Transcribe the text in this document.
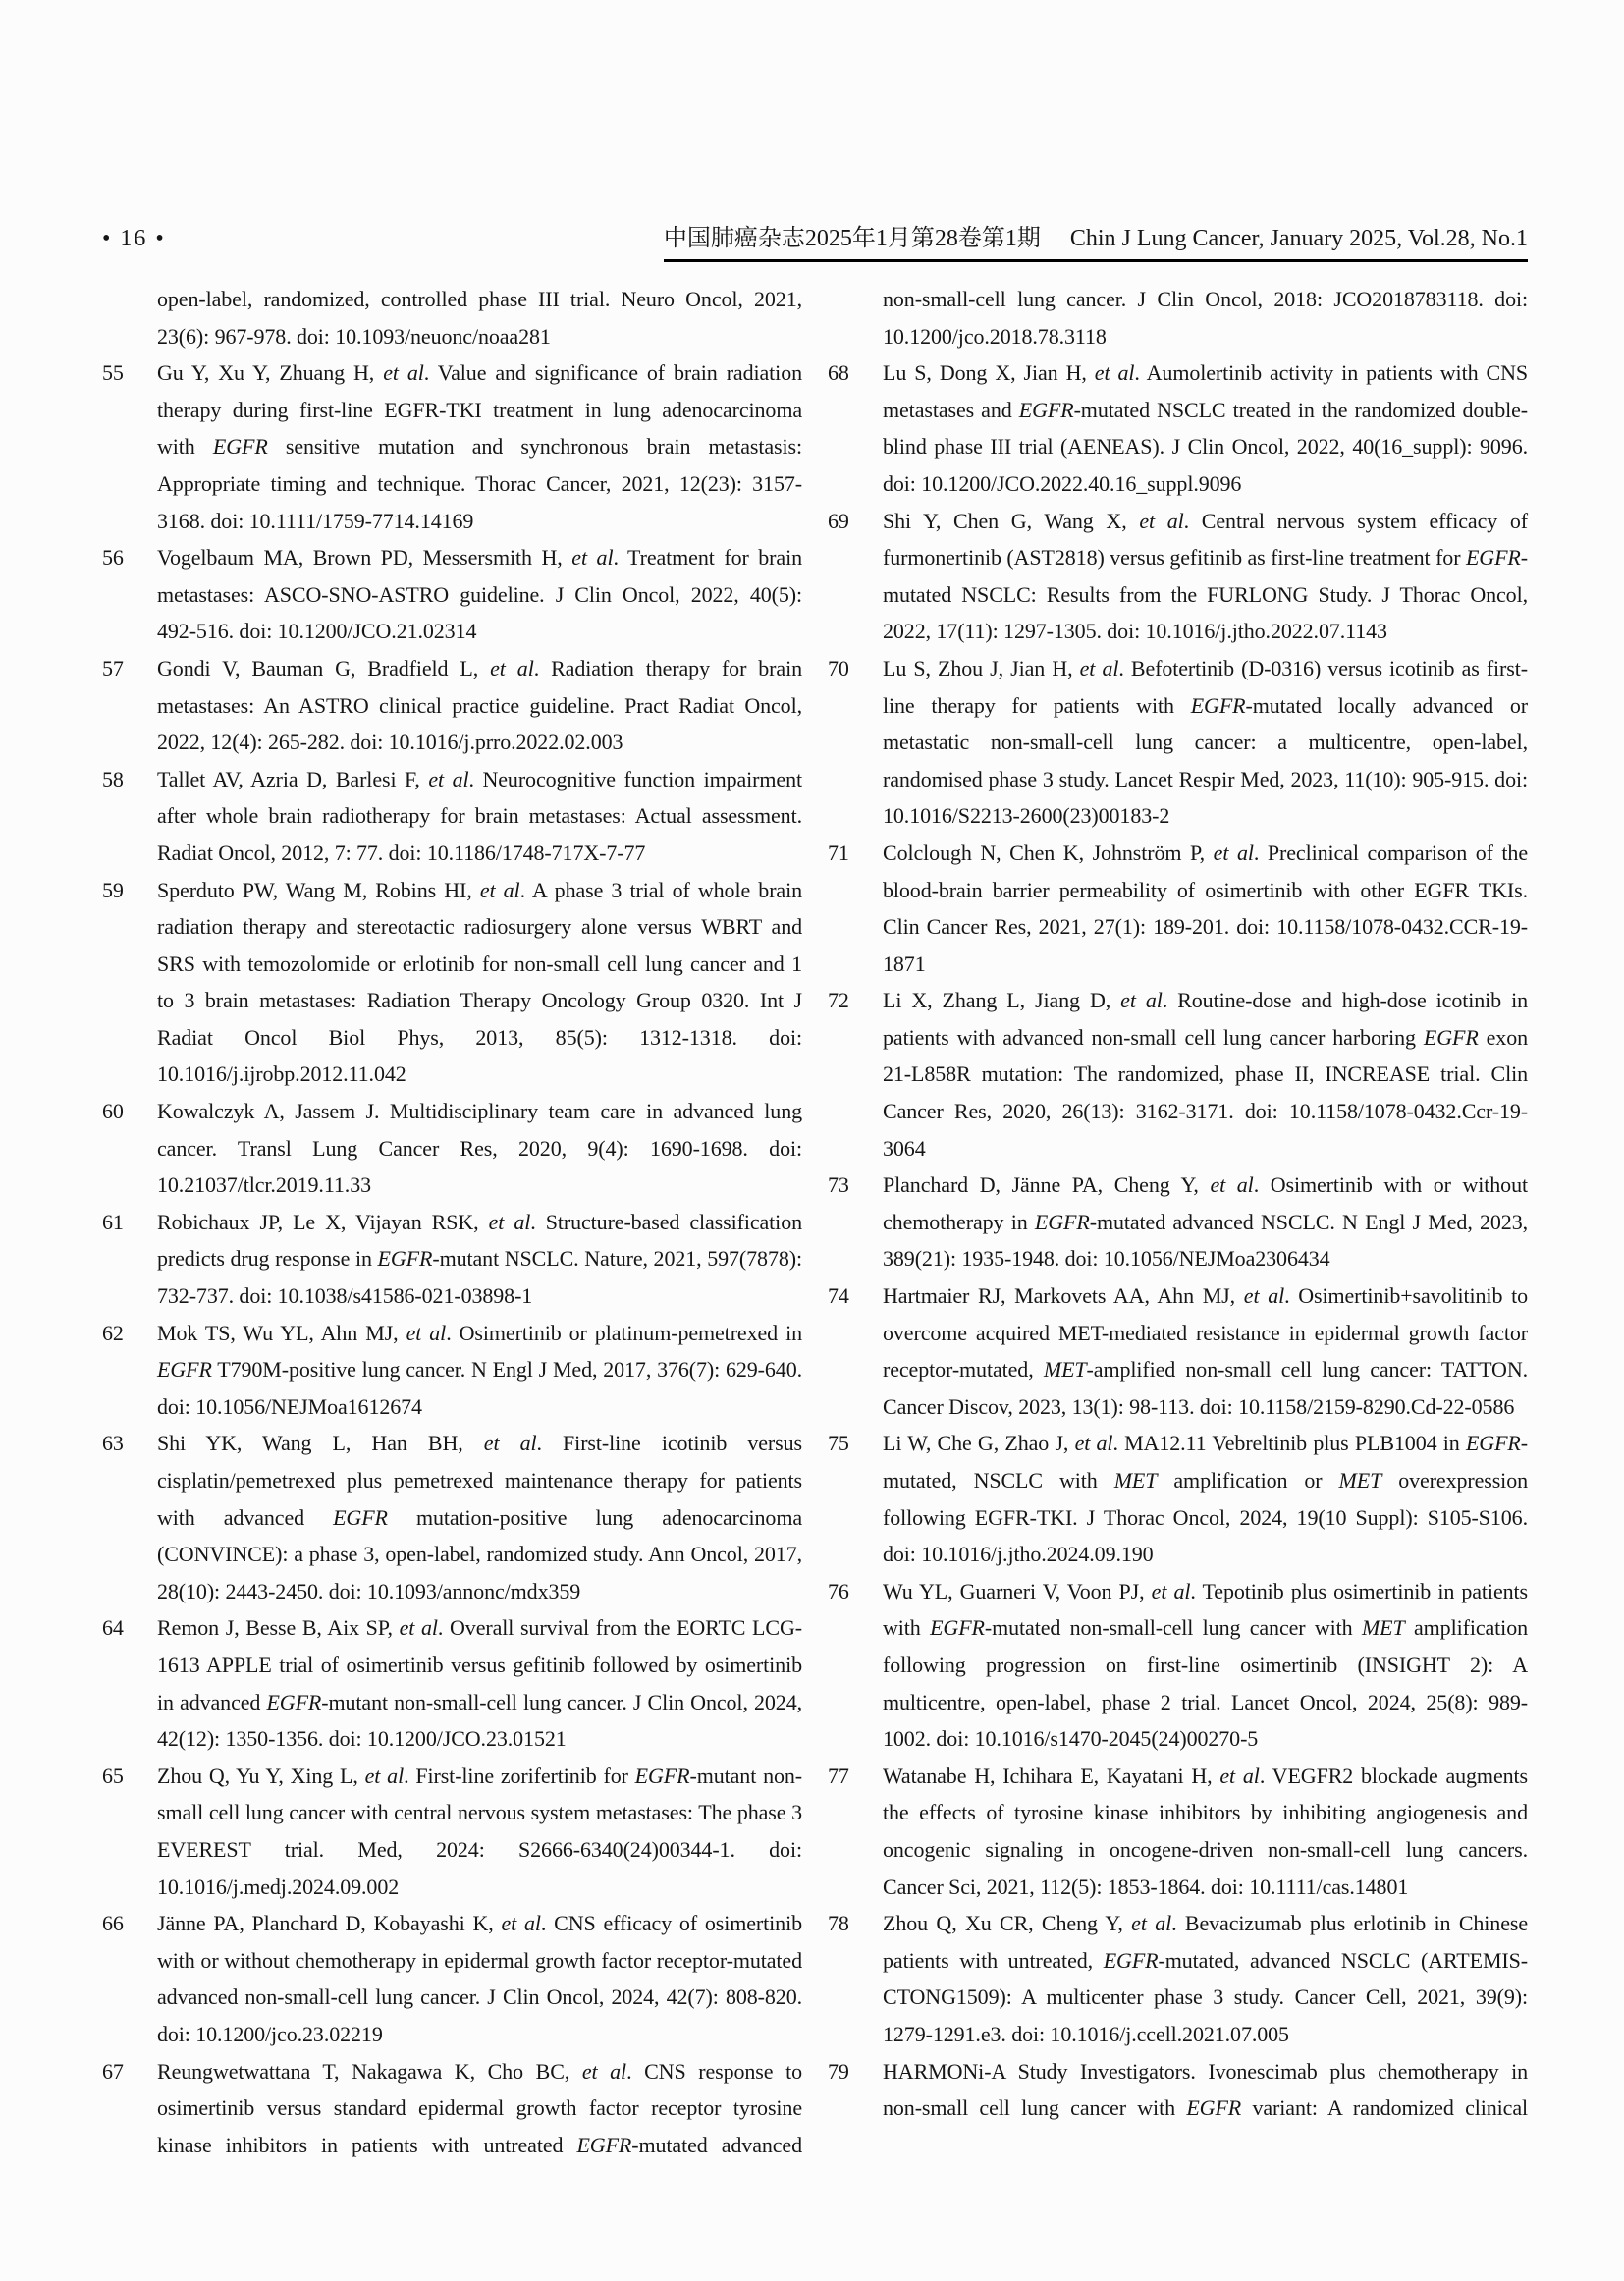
• 16 •	中国肺癌杂志2025年1月第28卷第1期 Chin J Lung Cancer, January 2025, Vol.28, No.1
open-label, randomized, controlled phase III trial. Neuro Oncol, 2021, 23(6): 967-978. doi: 10.1093/neuonc/noaa281
55 Gu Y, Xu Y, Zhuang H, et al. Value and significance of brain radiation therapy during first-line EGFR-TKI treatment in lung adenocarcinoma with EGFR sensitive mutation and synchronous brain metastasis: Appropriate timing and technique. Thorac Cancer, 2021, 12(23): 3157-3168. doi: 10.1111/1759-7714.14169
56 Vogelbaum MA, Brown PD, Messersmith H, et al. Treatment for brain metastases: ASCO-SNO-ASTRO guideline. J Clin Oncol, 2022, 40(5): 492-516. doi: 10.1200/JCO.21.02314
57 Gondi V, Bauman G, Bradfield L, et al. Radiation therapy for brain metastases: An ASTRO clinical practice guideline. Pract Radiat Oncol, 2022, 12(4): 265-282. doi: 10.1016/j.prro.2022.02.003
58 Tallet AV, Azria D, Barlesi F, et al. Neurocognitive function impairment after whole brain radiotherapy for brain metastases: Actual assessment. Radiat Oncol, 2012, 7: 77. doi: 10.1186/1748-717X-7-77
59 Sperduto PW, Wang M, Robins HI, et al. A phase 3 trial of whole brain radiation therapy and stereotactic radiosurgery alone versus WBRT and SRS with temozolomide or erlotinib for non-small cell lung cancer and 1 to 3 brain metastases: Radiation Therapy Oncology Group 0320. Int J Radiat Oncol Biol Phys, 2013, 85(5): 1312-1318. doi: 10.1016/j.ijrobp.2012.11.042
60 Kowalczyk A, Jassem J. Multidisciplinary team care in advanced lung cancer. Transl Lung Cancer Res, 2020, 9(4): 1690-1698. doi: 10.21037/tlcr.2019.11.33
61 Robichaux JP, Le X, Vijayan RSK, et al. Structure-based classification predicts drug response in EGFR-mutant NSCLC. Nature, 2021, 597(7878): 732-737. doi: 10.1038/s41586-021-03898-1
62 Mok TS, Wu YL, Ahn MJ, et al. Osimertinib or platinum-pemetrexed in EGFR T790M-positive lung cancer. N Engl J Med, 2017, 376(7): 629-640. doi: 10.1056/NEJMoa1612674
63 Shi YK, Wang L, Han BH, et al. First-line icotinib versus cisplatin/pemetrexed plus pemetrexed maintenance therapy for patients with advanced EGFR mutation-positive lung adenocarcinoma (CONVINCE): a phase 3, open-label, randomized study. Ann Oncol, 2017, 28(10): 2443-2450. doi: 10.1093/annonc/mdx359
64 Remon J, Besse B, Aix SP, et al. Overall survival from the EORTC LCG-1613 APPLE trial of osimertinib versus gefitinib followed by osimertinib in advanced EGFR-mutant non-small-cell lung cancer. J Clin Oncol, 2024, 42(12): 1350-1356. doi: 10.1200/JCO.23.01521
65 Zhou Q, Yu Y, Xing L, et al. First-line zorifertinib for EGFR-mutant non-small cell lung cancer with central nervous system metastases: The phase 3 EVEREST trial. Med, 2024: S2666-6340(24)00344-1. doi: 10.1016/j.medj.2024.09.002
66 Jänne PA, Planchard D, Kobayashi K, et al. CNS efficacy of osimertinib with or without chemotherapy in epidermal growth factor receptor-mutated advanced non-small-cell lung cancer. J Clin Oncol, 2024, 42(7): 808-820. doi: 10.1200/jco.23.02219
67 Reungwetwattana T, Nakagawa K, Cho BC, et al. CNS response to osimertinib versus standard epidermal growth factor receptor tyrosine kinase inhibitors in patients with untreated EGFR-mutated advanced
non-small-cell lung cancer. J Clin Oncol, 2018: JCO2018783118. doi: 10.1200/jco.2018.78.3118
68 Lu S, Dong X, Jian H, et al. Aumolertinib activity in patients with CNS metastases and EGFR-mutated NSCLC treated in the randomized double-blind phase III trial (AENEAS). J Clin Oncol, 2022, 40(16_suppl): 9096. doi: 10.1200/JCO.2022.40.16_suppl.9096
69 Shi Y, Chen G, Wang X, et al. Central nervous system efficacy of furmonertinib (AST2818) versus gefitinib as first-line treatment for EGFR-mutated NSCLC: Results from the FURLONG Study. J Thorac Oncol, 2022, 17(11): 1297-1305. doi: 10.1016/j.jtho.2022.07.1143
70 Lu S, Zhou J, Jian H, et al. Befotertinib (D-0316) versus icotinib as first-line therapy for patients with EGFR-mutated locally advanced or metastatic non-small-cell lung cancer: a multicentre, open-label, randomised phase 3 study. Lancet Respir Med, 2023, 11(10): 905-915. doi: 10.1016/S2213-2600(23)00183-2
71 Colclough N, Chen K, Johnström P, et al. Preclinical comparison of the blood-brain barrier permeability of osimertinib with other EGFR TKIs. Clin Cancer Res, 2021, 27(1): 189-201. doi: 10.1158/1078-0432.CCR-19-1871
72 Li X, Zhang L, Jiang D, et al. Routine-dose and high-dose icotinib in patients with advanced non-small cell lung cancer harboring EGFR exon 21-L858R mutation: The randomized, phase II, INCREASE trial. Clin Cancer Res, 2020, 26(13): 3162-3171. doi: 10.1158/1078-0432.Ccr-19-3064
73 Planchard D, Jänne PA, Cheng Y, et al. Osimertinib with or without chemotherapy in EGFR-mutated advanced NSCLC. N Engl J Med, 2023, 389(21): 1935-1948. doi: 10.1056/NEJMoa2306434
74 Hartmaier RJ, Markovets AA, Ahn MJ, et al. Osimertinib+savolitinib to overcome acquired MET-mediated resistance in epidermal growth factor receptor-mutated, MET-amplified non-small cell lung cancer: TATTON. Cancer Discov, 2023, 13(1): 98-113. doi: 10.1158/2159-8290.Cd-22-0586
75 Li W, Che G, Zhao J, et al. MA12.11 Vebreltinib plus PLB1004 in EGFR-mutated, NSCLC with MET amplification or MET overexpression following EGFR-TKI. J Thorac Oncol, 2024, 19(10 Suppl): S105-S106. doi: 10.1016/j.jtho.2024.09.190
76 Wu YL, Guarneri V, Voon PJ, et al. Tepotinib plus osimertinib in patients with EGFR-mutated non-small-cell lung cancer with MET amplification following progression on first-line osimertinib (INSIGHT 2): A multicentre, open-label, phase 2 trial. Lancet Oncol, 2024, 25(8): 989-1002. doi: 10.1016/s1470-2045(24)00270-5
77 Watanabe H, Ichihara E, Kayatani H, et al. VEGFR2 blockade augments the effects of tyrosine kinase inhibitors by inhibiting angiogenesis and oncogenic signaling in oncogene-driven non-small-cell lung cancers. Cancer Sci, 2021, 112(5): 1853-1864. doi: 10.1111/cas.14801
78 Zhou Q, Xu CR, Cheng Y, et al. Bevacizumab plus erlotinib in Chinese patients with untreated, EGFR-mutated, advanced NSCLC (ARTEMIS-CTONG1509): A multicenter phase 3 study. Cancer Cell, 2021, 39(9): 1279-1291.e3. doi: 10.1016/j.ccell.2021.07.005
79 HARMONi-A Study Investigators. Ivonescimab plus chemotherapy in non-small cell lung cancer with EGFR variant: A randomized clinical
